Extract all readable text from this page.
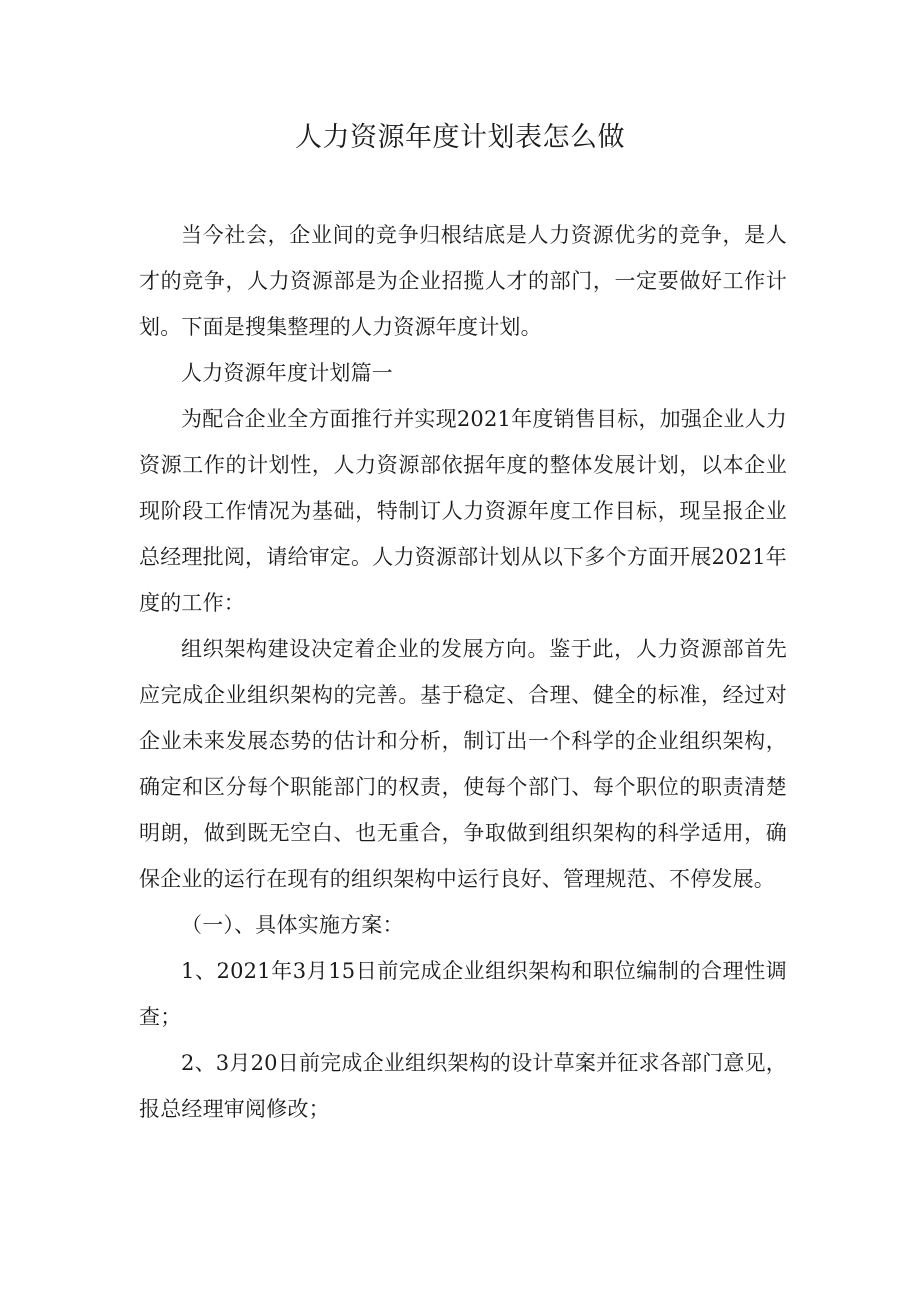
人力资源年度计划表怎么做

当今社会，企业间的竞争归根结底是人力资源优劣的竞争，是人才的竞争，人力资源部是为企业招揽人才的部门，一定要做好工作计划。下面是搜集整理的人力资源年度计划。

人力资源年度计划篇一

为配合企业全方面推行并实现2021年度销售目标，加强企业人力资源工作的计划性，人力资源部依据年度的整体发展计划，以本企业现阶段工作情况为基础，特制订人力资源年度工作目标，现呈报企业总经理批阅，请给审定。人力资源部计划从以下多个方面开展2021年度的工作：

组织架构建设决定着企业的发展方向。鉴于此，人力资源部首先应完成企业组织架构的完善。基于稳定、合理、健全的标准，经过对企业未来发展态势的估计和分析，制订出一个科学的企业组织架构，确定和区分每个职能部门的权责，使每个部门、每个职位的职责清楚明朗，做到既无空白、也无重合，争取做到组织架构的科学适用，确保企业的运行在现有的组织架构中运行良好、管理规范、不停发展。

（一）、具体实施方案：

1、2021年3月15日前完成企业组织架构和职位编制的合理性调查；

2、3月20日前完成企业组织架构的设计草案并征求各部门意见，报总经理审阅修改；
